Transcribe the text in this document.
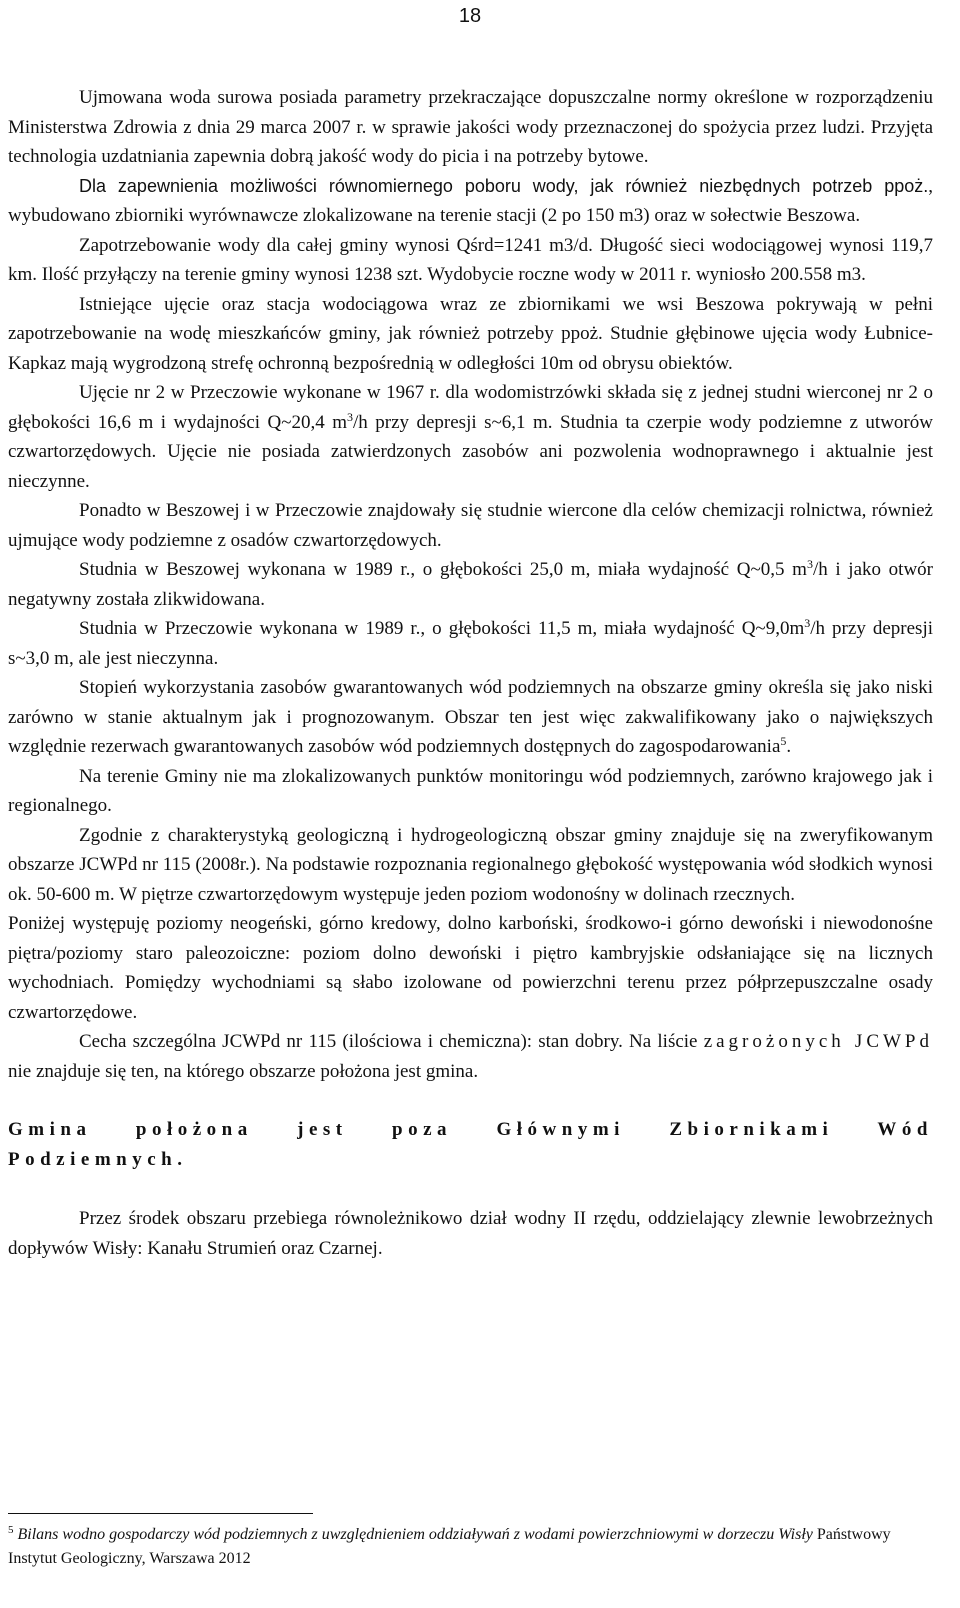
18

Ujmowana woda surowa posiada parametry przekraczające dopuszczalne normy określone w rozporządzeniu Ministerstwa Zdrowia z dnia 29 marca 2007 r. w sprawie jakości wody przeznaczonej do spożycia przez ludzi. Przyjęta technologia uzdatniania zapewnia dobrą jakość wody do picia i na potrzeby bytowe.

Dla zapewnienia możliwości równomiernego poboru wody, jak również niezbędnych potrzeb ppoż., wybudowano zbiorniki wyrównawcze zlokalizowane na terenie stacji (2 po 150 m3) oraz w sołectwie Beszowa.

Zapotrzebowanie wody dla całej gminy wynosi Qśrd=1241 m3/d. Długość sieci wodociągowej wynosi 119,7 km. Ilość przyłączy na terenie gminy wynosi 1238 szt. Wydobycie roczne wody w 2011 r. wyniosło 200.558 m3.

Istniejące ujęcie oraz stacja wodociągowa wraz ze zbiornikami we wsi Beszowa pokrywają w pełni zapotrzebowanie na wodę mieszkańców gminy, jak również potrzeby ppoż. Studnie głębinowe ujęcia wody Łubnice-Kapkaz mają wygrodzoną strefę ochronną bezpośrednią w odległości 10m od obrysu obiektów.

Ujęcie nr 2 w Przeczowie wykonane w 1967 r. dla wodomistrzówki składa się z jednej studni wierconej nr 2 o głębokości 16,6 m i wydajności Q~20,4 $m^3/h$ przy depresji s~6,1 m. Studnia ta czerpie wody podziemne z utworów czwartorzędowych. Ujęcie nie posiada zatwierdzonych zasobów ani pozwolenia wodnoprawnego i aktualnie jest nieczynne.

Ponadto w Beszowej i w Przeczowie znajdowały się studnie wiercone dla celów chemizacji rolnictwa, również ujmujące wody podziemne z osadów czwartorzędowych.

Studnia w Beszowej wykonana w 1989 r., o głębokości 25,0 m, miała wydajność Q~0,5 $m^3/h$ i jako otwór negatywny została zlikwidowana.

Studnia w Przeczowie wykonana w 1989 r., o głębokości 11,5 m, miała wydajność $Q\sim 9,0m^3/h$ przy depresji s~3,0 m, ale jest nieczynna.

Stopień wykorzystania zasobów gwarantowanych wód podziemnych na obszarze gminy określa się jako niski zarówno w stanie aktualnym jak i prognozowanym. Obszar ten jest więc zakwalifikowany jako o największych względnie rezerwach gwarantowanych zasobów wód podziemnych dostępnych do zagospodarowania$^5$.

Na terenie Gminy nie ma zlokalizowanych punktów monitoringu wód podziemnych, zarówno krajowego jak i regionalnego.

Zgodnie z charakterystyką geologiczną i hydrogeologiczną obszar gminy znajduje się na zweryfikowanym obszarze JCWPd nr 115 (2008r.). Na podstawie rozpoznania regionalnego głębokość występowania wód słodkich wynosi ok. 50-600 m. W piętrze czwartorzędowym występuje jeden poziom wodonośny w dolinach rzecznych.

Poniżej występuję poziomy neogeński, górno kredowy, dolno karboński, środkowo-i górno dewoński i niewodonośne piętra/poziomy staro paleozoiczne: poziom dolno dewoński i piętro kambryjskie odsłaniające się na licznych wychodniach. Pomiędzy wychodniami są słabo izolowane od powierzchni terenu przez półprzepuszczalne osady czwartorzędowe.

Cecha szczególna JCWPd nr 115 (ilościowa i chemiczna): stan dobry. Na liście zagrożonych JCWPd nie znajduje się ten, na którego obszarze położona jest gmina.

Gmina położona jest poza Głównymi Zbiornikami Wód Podziemnych.

Przez środek obszaru przebiega równoleżnikowo dział wodny II rzędu, oddzielający zlewnie lewobrzeżnych dopływów Wisły: Kanału Strumień oraz Czarnej.

$^5$ Bilans wodno gospodarczy wód podziemnych z uwzględnieniem oddziaływań z wodami powierzchniowymi w dorzeczu Wisły Państwowy Instytut Geologiczny, Warszawa 2012
